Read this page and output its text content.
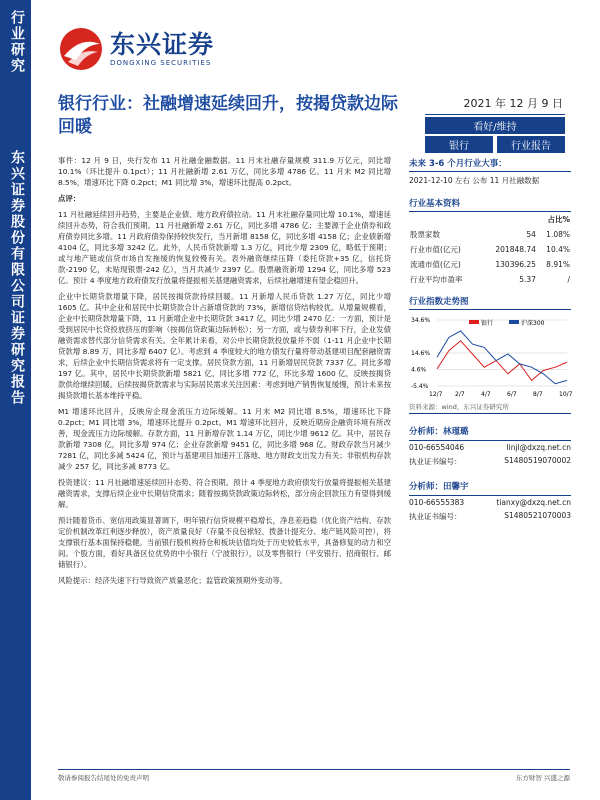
行业研究
东兴证券股份有限公司证券研究报告
东兴证券
DONGXING SECURITIES
银行行业：社融增速延续回升，按揭贷款边际回暖
2021 年 12 月 9 日
看好/维持
银行	行业报告

事件：12 月 9 日，央行发布 11 月社融金融数据。11 月末社融存量规模 311.9 万亿元，同比增 10.1%（环比提升 0.1pct）；11 月社融新增 2.61 万亿，同比多增 4786 亿。11 月末 M2 同比增 8.5%，增速环比下降 0.2pct；M1 同比增 3%，增速环比提高 0.2pct。

点评：

11 月社融延续回升趋势，主要是企业债、地方政府债拉动。11 月末社融存量同比增 10.1%，增速延续回升态势，符合我们预期。11 月社融新增 2.61 万亿，同比多增 4786 亿；主要源于企业债券和政府债券同比多增。11 月政府债券保持较快发行，当月新增 8158 亿，同比多增 4158 亿；企业债新增 4104 亿，同比多增 3242 亿。此外，人民币贷款新增 1.3 万亿，同比少增 2309 亿，略低于预期；或与地产链或信贷市场自发拖缓的恢复较慢有关。表外融资继续压降（委托贷款+35 亿，信托贷款-2190 亿，未贴现银票-242 亿），当月共减少 2397 亿。股票融资新增 1294 亿，同比多增 523 亿。预计 4 季度地方政府债发行放量将提振相关基建融资需求，后续社融增速有望企稳回升。

企业中长期贷款增量下降，居民按揭贷款持续回暖。11 月新增人民币贷款 1.27 万亿，同比少增 1605 亿。其中企业和居民中长期贷款合计占新增贷款的 73%，新增信贷结构较优。从增量规模看，企业中长期贷款增量下降，11 月新增企业中长期贷款 3417 亿，同比少增 2470 亿：一方面，预计是受到居民中长贷投放挤压的影响（按揭信贷政策边际转松）；另一方面，或与债券利率下行，企业发债融资需求替代部分信贷需求有关。全年累计来看，对公中长期贷款投放量并不弱（1-11 月企业中长期贷款增 8.89 万，同比多增 6407 亿）。考虑到 4 季度较大的地方债发行量将带动基建项目配套融资需求，后续企业中长期信贷需求将有一定支撑。居民贷款方面，11 月新增居民贷款 7337 亿，同比多增 197 亿。其中，居民中长期贷款新增 5821 亿，同比多增 772 亿，环比多增 1600 亿，反映按揭贷款供给继续回暖。后续按揭贷款需求与实际居民需求关注因素：考虑到地产销售恢复缓慢，预计未来按揭贷款增长基本维持平稳。

M1 增速环比回升，反映房企现金流压力边际缓解。11 月末 M2 同比增 8.5%，增速环比下降 0.2pct；M1 同比增 3%，增速环比提升 0.2pct。M1 增速环比回升，反映近期房企融资环境有所改善，现金流压力边际缓解。存款方面，11 月新增存款 1.14 万亿，同比少增 9612 亿。其中，居民存款新增 7308 亿，同比多增 974 亿；企业存款新增 9451 亿，同比多增 968 亿。财政存款当月减少 7281 亿，同比多减 5424 亿，预计与基建项目加速开工落地、地方财政支出发力有关；非银机构存款减少 257 亿，同比多减 8773 亿。

投资建议：11 月社融增速延续回升态势、符合预期。预计 4 季度地方政府债发行放量将提振相关基建融资需求，支撑后续企业中长期信贷需求；随着按揭贷款政策边际转松，部分房企回款压力有望得到缓解。

预计随着货币、宽信用政策显著调下，明年银行信贷规模平稳增长，净息差趋稳（优化资产结构、存款定价机制改革红利逐步释放），资产质量良好（存量不良包袱轻、拨备计提充分、地产链风险可控），将支撑银行基本面保持稳健。当前银行股机构持仓和板块估值均处于历史较低水平，具备修复的动力和空间。个股方面，看好具备区位优势的中小银行（宁波银行），以及零售银行（平安银行、招商银行、邮储银行）。

风险提示：经济失速下行导致资产质量恶化；监管政策预期外变动等。

未来 3-6 个月行业大事：
2021-12-10 左右 公布 11 月社融数据
行业基本资料
		占比%
股票家数	54	1.08%
行业市值(亿元)	201848.74	10.4%
流通市值(亿元)	130396.25	8.91%
行业平均市盈率	5.37	/
行业指数走势图
34.6%
14.6%
4.6%
-5.4%
12/7 2/7	4/7	6/7	8/7	10/7
银行	沪深300
资料来源：wind，东兴证券研究所
分析师：林瑾璐
010-66554046	linjl@dxzq.net.cn
执业证书编号：	S1480519070002
分析师：田馨宇
010-66555383	tianxy@dxzq.net.cn
执业证书编号：	S1480521070003
敬请参阅报告结尾处的免责声明	东方财智 兴盛之源
